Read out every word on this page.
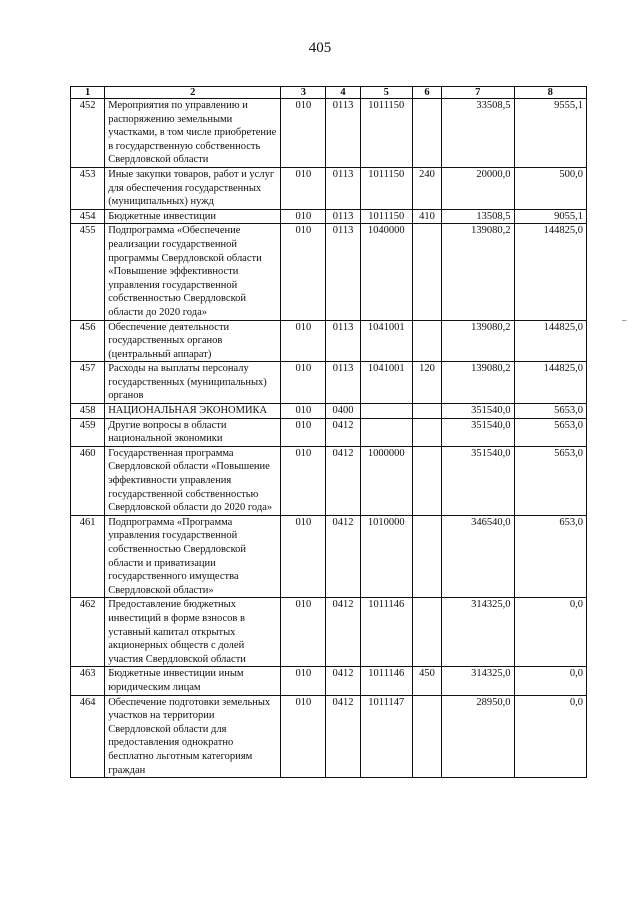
405
1	2	3	4	5	6	7	8
452	Мероприятия по управлению и распоряжению земельными участками, в том числе приобретение в государственную собственность Свердловской области	010	0113	1011150		33508,5	9555,1
453	Иные закупки товаров, работ и услуг для обеспечения государственных (муниципальных) нужд	010	0113	1011150	240	20000,0	500,0
454	Бюджетные инвестиции	010	0113	1011150	410	13508,5	9055,1
455	Подпрограмма «Обеспечение реализации государственной программы Свердловской области «Повышение эффективности управления государственной собственностью Свердловской области до 2020 года»	010	0113	1040000		139080,2	144825,0
456	Обеспечение деятельности государственных органов (центральный аппарат)	010	0113	1041001		139080,2	144825,0
457	Расходы на выплаты персоналу государственных (муниципальных) органов	010	0113	1041001	120	139080,2	144825,0
458	НАЦИОНАЛЬНАЯ ЭКОНОМИКА	010	0400			351540,0	5653,0
459	Другие вопросы в области национальной экономики	010	0412			351540,0	5653,0
460	Государственная программа Свердловской области «Повышение эффективности управления государственной собственностью Свердловской области до 2020 года»	010	0412	1000000		351540,0	5653,0
461	Подпрограмма «Программа управления государственной собственностью Свердловской области и приватизации государственного имущества Свердловской области»	010	0412	1010000		346540,0	653,0
462	Предоставление бюджетных инвестиций в форме взносов в уставный капитал открытых акционерных обществ с долей участия Свердловской области	010	0412	1011146		314325,0	0,0
463	Бюджетные инвестиции иным юридическим лицам	010	0412	1011146	450	314325,0	0,0
464	Обеспечение подготовки земельных участков на территории Свердловской области для предоставления однократно бесплатно льготным категориям граждан	010	0412	1011147		28950,0	0,0
–
